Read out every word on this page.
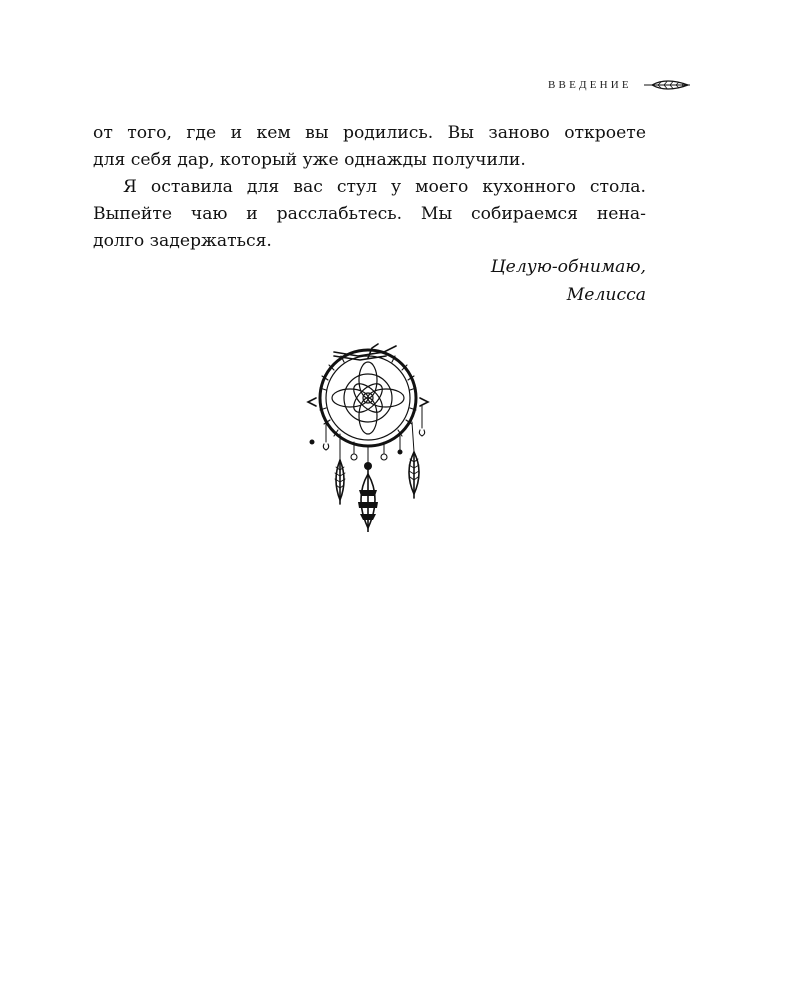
ВВЕДЕНИЕ
от того, где и кем вы родились. Вы заново откроете
для себя дар, который уже однажды получили.
Я оставила для вас стул у моего кухонного стола.
Выпейте чаю и расслабьтесь. Мы собираемся нена-
долго задержаться.
Целую-обнимаю,
Мелисса
